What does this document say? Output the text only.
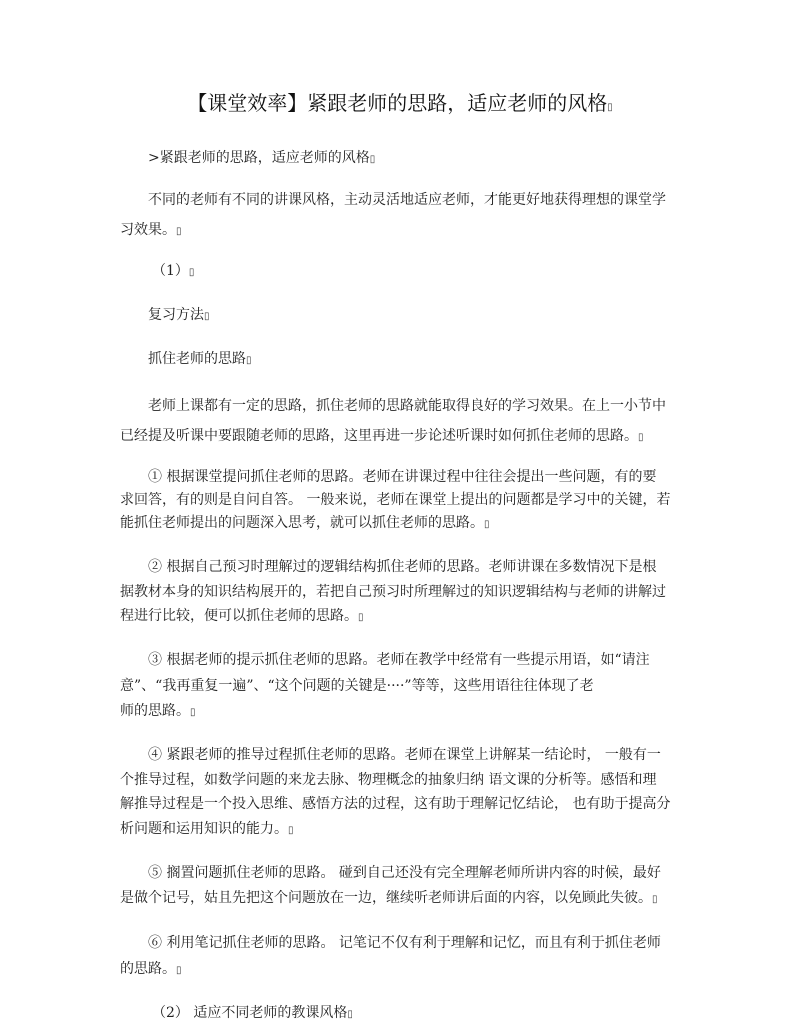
【课堂效率】紧跟老师的思路，适应老师的风格▯
>紧跟老师的思路，适应老师的风格▯
不同的老师有不同的讲课风格，主动灵活地适应老师，才能更好地获得理想的课堂学
习效果。▯
（1）▯
复习方法▯
抓住老师的思路▯
老师上课都有一定的思路，抓住老师的思路就能取得良好的学习效果。在上一小节中
已经提及听课中要跟随老师的思路，这里再进一步论述听课时如何抓住老师的思路。▯
① 根据课堂提问抓住老师的思路。老师在讲课过程中往往会提出一些问题，有的要
求回答，有的则是自问自答。 一般来说，老师在课堂上提出的问题都是学习中的关键，若
能抓住老师提出的问题深入思考，就可以抓住老师的思路。▯
② 根据自己预习时理解过的逻辑结构抓住老师的思路。老师讲课在多数情况下是根
据教材本身的知识结构展开的，若把自己预习时所理解过的知识逻辑结构与老师的讲解过
程进行比较，便可以抓住老师的思路。▯
③ 根据老师的提示抓住老师的思路。老师在教学中经常有一些提示用语，如“请注
意”、“我再重复一遍”、“这个问题的关键是····”等等，这些用语往往体现了老
师的思路。▯
④ 紧跟老师的推导过程抓住老师的思路。老师在课堂上讲解某一结论时， 一般有一
个推导过程，如数学问题的来龙去脉、物理概念的抽象归纳 语文课的分析等。感悟和理
解推导过程是一个投入思维、感悟方法的过程，这有助于理解记忆结论， 也有助于提高分
析问题和运用知识的能力。▯
⑤ 搁置问题抓住老师的思路。 碰到自己还没有完全理解老师所讲内容的时候，最好
是做个记号，姑且先把这个问题放在一边，继续听老师讲后面的内容，以免顾此失彼。▯
⑥ 利用笔记抓住老师的思路。 记笔记不仅有利于理解和记忆，而且有利于抓住老师
的思路。▯
（2） 适应不同老师的教课风格▯
